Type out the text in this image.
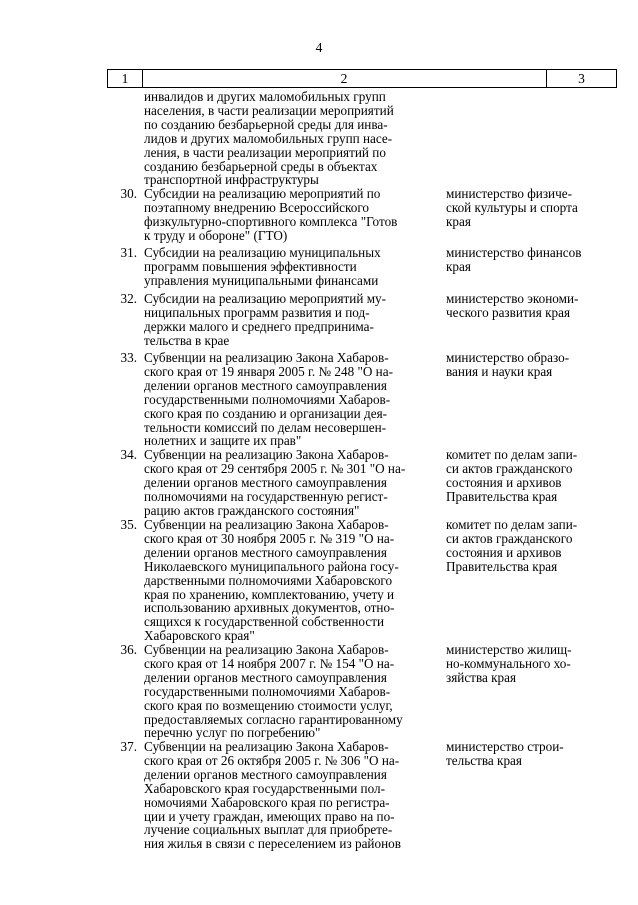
4
1	2	3
инвалидов и других маломобильных групп
населения, в части реализации мероприятий
по созданию безбарьерной среды для инва-
лидов и других маломобильных групп насе-
ления, в части реализации мероприятий по
созданию безбарьерной среды в объектах
транспортной инфраструктуры
30. Субсидии на реализацию мероприятий по
поэтапному внедрению Всероссийского
физкультурно-спортивного комплекса "Готов
к труду и обороне" (ГТО)
министерство физиче-
ской культуры и спорта
края
31. Субсидии на реализацию муниципальных
программ повышения эффективности
управления муниципальными финансами
министерство финансов
края
32. Субсидии на реализацию мероприятий му-
ниципальных программ развития и под-
держки малого и среднего предпринима-
тельства в крае
министерство экономи-
ческого развития края
33. Субвенции на реализацию Закона Хабаров-
ского края от 19 января 2005 г. № 248 "О на-
делении органов местного самоуправления
государственными полномочиями Хабаров-
ского края по созданию и организации дея-
тельности комиссий по делам несовершен-
нолетних и защите их прав"
министерство образо-
вания и науки края
34. Субвенции на реализацию Закона Хабаров-
ского края от 29 сентября 2005 г. № 301 "О на-
делении органов местного самоуправления
полномочиями на государственную регист-
рацию актов гражданского состояния"
комитет по делам запи-
си актов гражданского
состояния и архивов
Правительства края
35. Субвенции на реализацию Закона Хабаров-
ского края от 30 ноября 2005 г. № 319 "О на-
делении органов местного самоуправления
Николаевского муниципального района госу-
дарственными полномочиями Хабаровского
края по хранению, комплектованию, учету и
использованию архивных документов, отно-
сящихся к государственной собственности
Хабаровского края"
комитет по делам запи-
си актов гражданского
состояния и архивов
Правительства края
36. Субвенции на реализацию Закона Хабаров-
ского края от 14 ноября 2007 г. № 154 "О на-
делении органов местного самоуправления
государственными полномочиями Хабаров-
ского края по возмещению стоимости услуг,
предоставляемых согласно гарантированному
перечню услуг по погребению"
министерство жилищ-
но-коммунального хо-
зяйства края
37. Субвенции на реализацию Закона Хабаров-
ского края от 26 октября 2005 г. № 306 "О на-
делении органов местного самоуправления
Хабаровского края государственными пол-
номочиями Хабаровского края по регистра-
ции и учету граждан, имеющих право на по-
лучение социальных выплат для приобрете-
ния жилья в связи с переселением из районов
министерство строи-
тельства края
